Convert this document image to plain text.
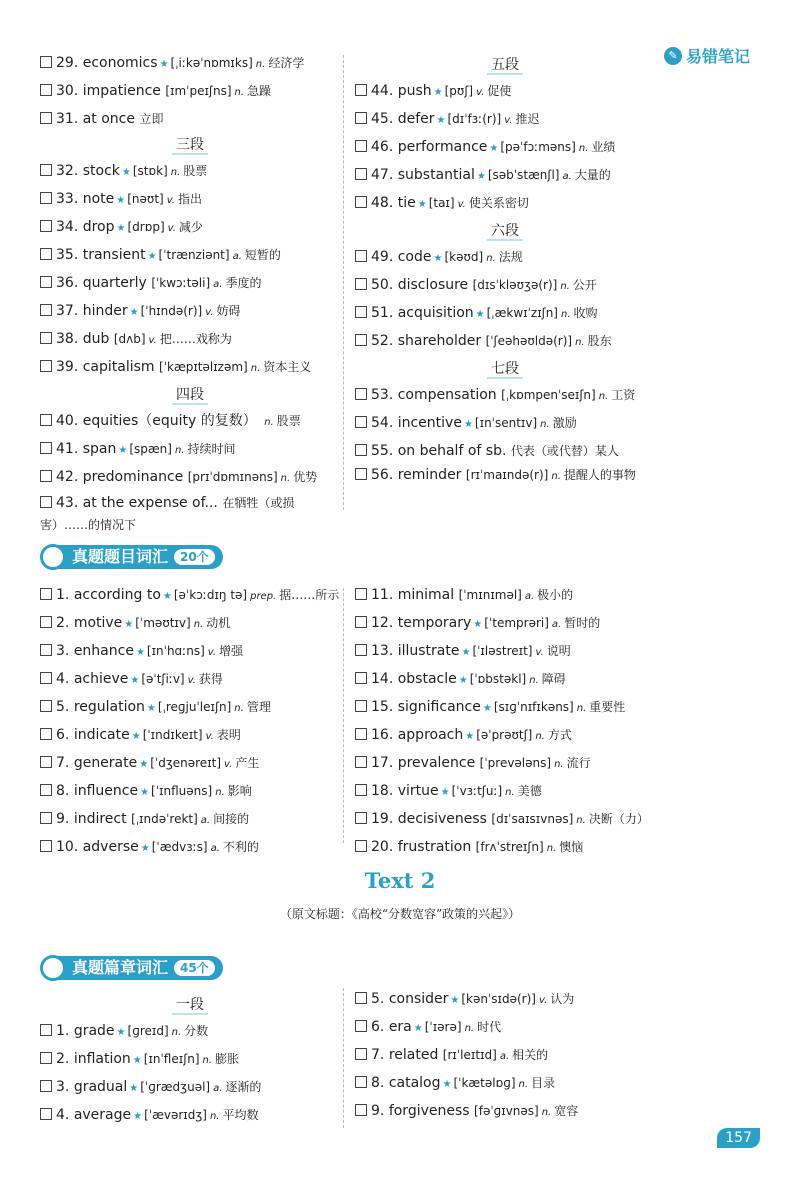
✎ 易错笔记
29. economics ★ [ˌiːkəˈnɒmɪks] n. 经济学
30. impatience [ɪmˈpeɪʃns] n. 急躁
31. at once 立即
三段
32. stock ★ [stɒk] n. 股票
33. note ★ [nəʊt] v. 指出
34. drop ★ [drɒp] v. 减少
35. transient ★ [ˈtrænziənt] a. 短暂的
36. quarterly [ˈkwɔːtəli] a. 季度的
37. hinder ★ [ˈhɪndə(r)] v. 妨碍
38. dub [dʌb] v. 把……戏称为
39. capitalism [ˈkæpɪtəlɪzəm] n. 资本主义
四段
40. equities（equity 的复数） n. 股票
41. span ★ [spæn] n. 持续时间
42. predominance [prɪˈdɒmɪnəns] n. 优势
43. at the expense of... 在牺牲（或损害）……的情况下
五段
44. push ★ [pʊʃ] v. 促使
45. defer ★ [dɪˈfɜː(r)] v. 推迟
46. performance ★ [pəˈfɔːməns] n. 业绩
47. substantial ★ [səbˈstænʃl] a. 大量的
48. tie ★ [taɪ] v. 使关系密切
六段
49. code ★ [kəʊd] n. 法规
50. disclosure [dɪsˈkləʊʒə(r)] n. 公开
51. acquisition ★ [ˌækwɪˈzɪʃn] n. 收购
52. shareholder [ˈʃeəhəʊldə(r)] n. 股东
七段
53. compensation [ˌkɒmpenˈseɪʃn] n. 工资
54. incentive ★ [ɪnˈsentɪv] n. 激励
55. on behalf of sb. 代表（或代替）某人
56. reminder [rɪˈmaɪndə(r)] n. 提醒人的事物
真题题目词汇	20个
1. according to ★ [əˈkɔːdɪŋ tə] prep. 据……所示
2. motive ★ [ˈməʊtɪv] n. 动机
3. enhance ★ [ɪnˈhɑːns] v. 增强
4. achieve ★ [əˈtʃiːv] v. 获得
5. regulation ★ [ˌreɡjuˈleɪʃn] n. 管理
6. indicate ★ [ˈɪndɪkeɪt] v. 表明
7. generate ★ [ˈdʒenəreɪt] v. 产生
8. influence ★ [ˈɪnfluəns] n. 影响
9. indirect [ˌɪndəˈrekt] a. 间接的
10. adverse ★ [ˈædvɜːs] a. 不利的
11. minimal [ˈmɪnɪməl] a. 极小的
12. temporary ★ [ˈtemprəri] a. 暂时的
13. illustrate ★ [ˈɪləstreɪt] v. 说明
14. obstacle ★ [ˈɒbstəkl] n. 障碍
15. significance ★ [sɪɡˈnɪfɪkəns] n. 重要性
16. approach ★ [əˈprəʊtʃ] n. 方式
17. prevalence [ˈprevələns] n. 流行
18. virtue ★ [ˈvɜːtʃuː] n. 美德
19. decisiveness [dɪˈsaɪsɪvnəs] n. 决断（力）
20. frustration [frʌˈstreɪʃn] n. 懊恼
Text 2
（原文标题：《高校“分数宽容”政策的兴起》）
真题篇章词汇	45个
一段
1. grade ★ [ɡreɪd] n. 分数
2. inflation ★ [ɪnˈfleɪʃn] n. 膨胀
3. gradual ★ [ˈɡrædʒuəl] a. 逐渐的
4. average ★ [ˈævərɪdʒ] n. 平均数
5. consider ★ [kənˈsɪdə(r)] v. 认为
6. era ★ [ˈɪərə] n. 时代
7. related [rɪˈleɪtɪd] a. 相关的
8. catalog ★ [ˈkætəlɒɡ] n. 目录
9. forgiveness [fəˈɡɪvnəs] n. 宽容
157
